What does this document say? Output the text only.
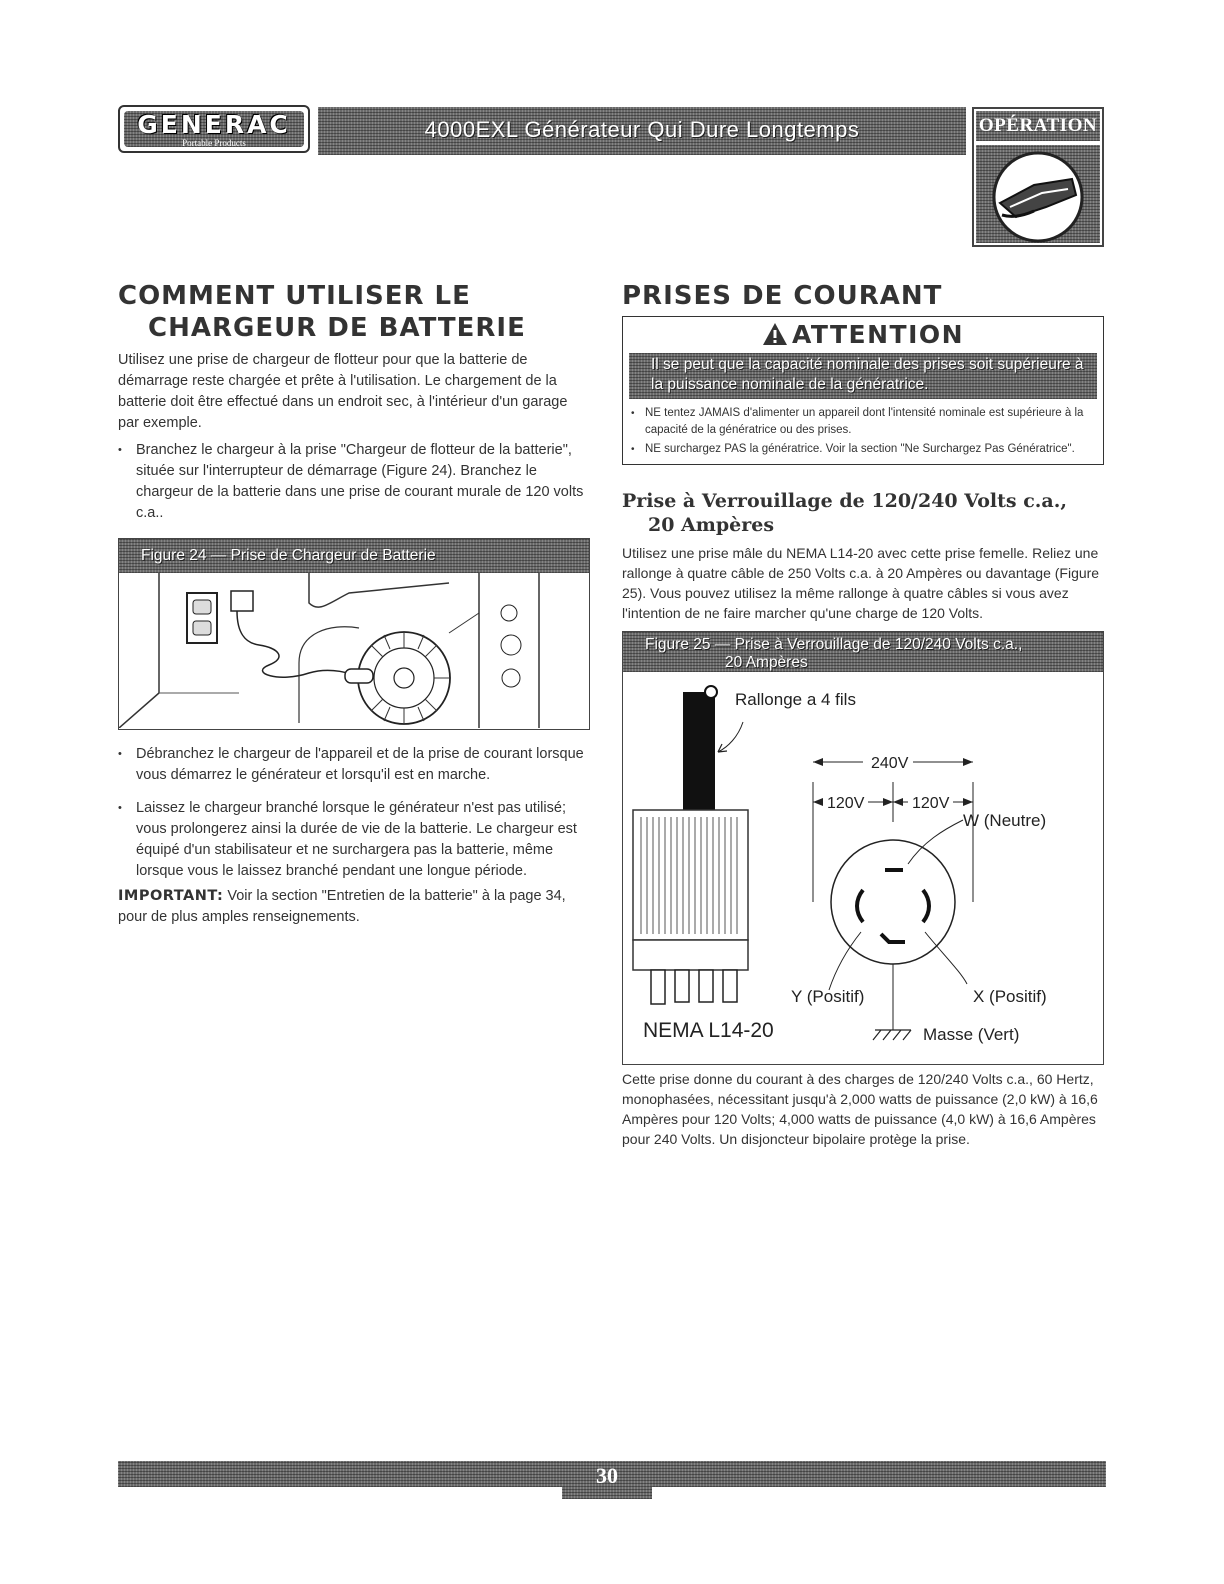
GENERAC
Portable Products
4000EXL Générateur Qui Dure Longtemps	OPÉRATION
COMMENT UTILISER LE
CHARGEUR DE BATTERIE

Utilisez une prise de chargeur de flotteur pour que la batterie de démarrage reste chargée et prête à l'utilisation. Le chargement de la batterie doit être effectué dans un endroit sec, à l'intérieur d'un garage par exemple.

• Branchez le chargeur à la prise "Chargeur de flotteur de la batterie", située sur l'interrupteur de démarrage (Figure 24). Branchez le chargeur de la batterie dans une prise de courant murale de 120 volts c.a..

Figure 24 — Prise de Chargeur de Batterie

• Débranchez le chargeur de l'appareil et de la prise de courant lorsque vous démarrez le générateur et lorsqu'il est en marche.

• Laissez le chargeur branché lorsque le générateur n'est pas utilisé; vous prolongerez ainsi la durée de vie de la batterie. Le chargeur est équipé d'un stabilisateur et ne surchargera pas la batterie, même lorsque vous le laissez branché pendant une longue période.

IMPORTANT: Voir la section "Entretien de la batterie" à la page 34, pour de plus amples renseignements.

PRISES DE COURANT
ATTENTION
Il se peut que la capacité nominale des prises soit supérieure à la puissance nominale de la génératrice.

• NE tentez JAMAIS d'alimenter un appareil dont l'intensité nominale est supérieure à la capacité de la génératrice ou des prises.

• NE surchargez PAS la génératrice. Voir la section "Ne Surchargez Pas Génératrice".

Prise à Verrouillage de 120/240 Volts c.a.,
20 Ampères

Utilisez une prise mâle du NEMA L14-20 avec cette prise femelle. Reliez une rallonge à quatre câble de 250 Volts c.a. à 20 Ampères ou davantage (Figure 25). Vous pouvez utilisez la même rallonge à quatre câbles si vous avez l'intention de ne faire marcher qu'une charge de 120 Volts.

Figure 25 — Prise à Verrouillage de 120/240 Volts c.a.,
20 Ampères
Rallonge a 4 fils
240V
120V	120V
W (Neutre)
Y (Positif)	X (Positif)
Masse (Vert)
NEMA L14-20

Cette prise donne du courant à des charges de 120/240 Volts c.a., 60 Hertz, monophasées, nécessitant jusqu'à 2,000 watts de puissance (2,0 kW) à 16,6 Ampères pour 120 Volts; 4,000 watts de puissance (4,0 kW) à 16,6 Ampères pour 240 Volts. Un disjoncteur bipolaire protège la prise.

30
